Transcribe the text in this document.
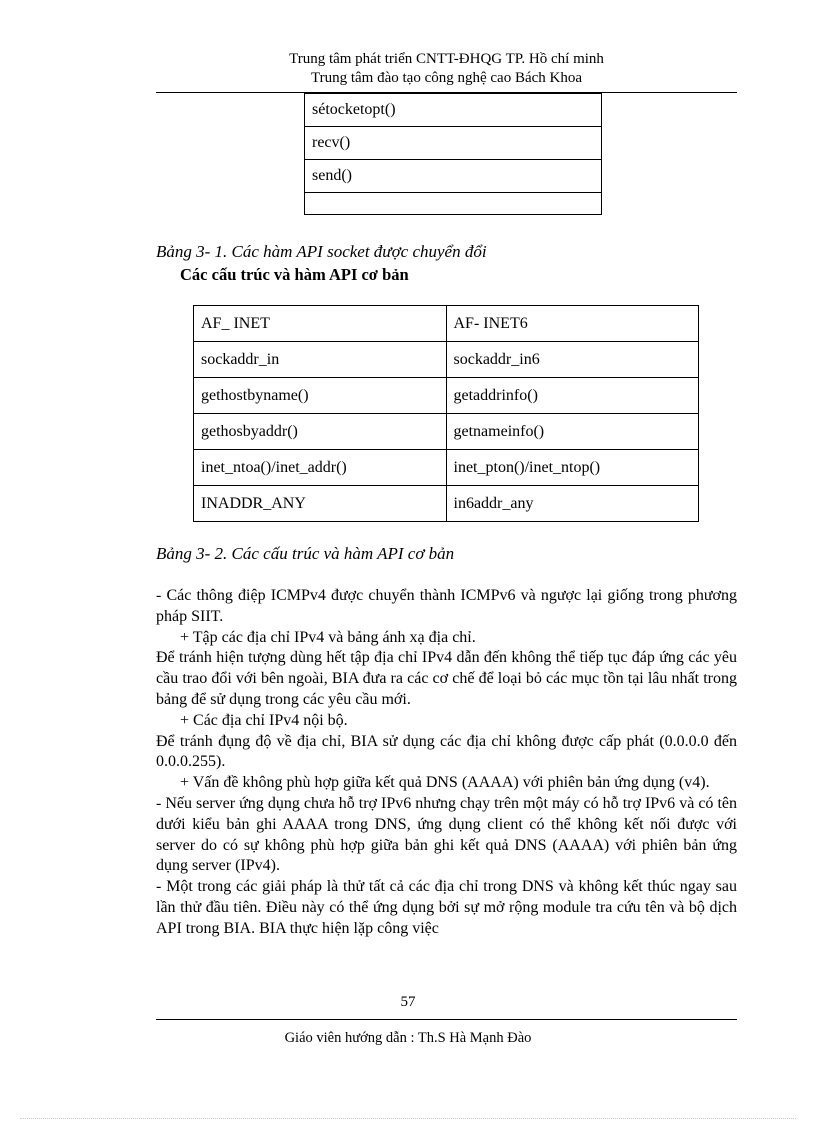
Trung tâm phát triển CNTT-ĐHQG TP. Hồ chí minh
Trung tâm đào tạo công nghệ cao Bách Khoa
sétocketopt()
recv()
send()

Bảng 3- 1. Các hàm API socket được chuyển đổi
Các cấu trúc và hàm API cơ bản
AF_ INET	AF- INET6
sockaddr_in	sockaddr_in6
gethostbyname()	getaddrinfo()
gethosbyaddr()	getnameinfo()
inet_ntoa()/inet_addr()	inet_pton()/inet_ntop()
INADDR_ANY	in6addr_any
Bảng 3- 2. Các cấu trúc và hàm API cơ bản

- Các thông điệp ICMPv4 được chuyển thành ICMPv6 và ngược lại giống trong phương pháp SIIT.

+ Tập các địa chỉ IPv4 và bảng ánh xạ địa chỉ.

Để tránh hiện tượng dùng hết tập địa chỉ IPv4 dẫn đến không thể tiếp tục đáp ứng các yêu cầu trao đổi với bên ngoài, BIA đưa ra các cơ chế để loại bỏ các mục tồn tại lâu nhất trong bảng để sử dụng trong các yêu cầu mới.

+ Các địa chỉ IPv4 nội bộ.

Để tránh đụng độ về địa chỉ, BIA sử dụng các địa chỉ không được cấp phát (0.0.0.0 đến 0.0.0.255).

+ Vấn đề không phù hợp giữa kết quả DNS (AAAA) với phiên bản ứng dụng (v4).

- Nếu server ứng dụng chưa hỗ trợ IPv6 nhưng chạy trên một máy có hỗ trợ IPv6 và có tên dưới kiểu bản ghi AAAA trong DNS, ứng dụng client có thể không kết nối được với server do có sự không phù hợp giữa bản ghi kết quả DNS (AAAA) với phiên bản ứng dụng server (IPv4).

- Một trong các giải pháp là thử tất cả các địa chỉ trong DNS và không kết thúc ngay sau lần thử đầu tiên. Điều này có thể ứng dụng bởi sự mở rộng module tra cứu tên và bộ dịch API trong BIA. BIA thực hiện lặp công việc

57
Giáo viên hướng dẫn : Th.S Hà Mạnh Đào
